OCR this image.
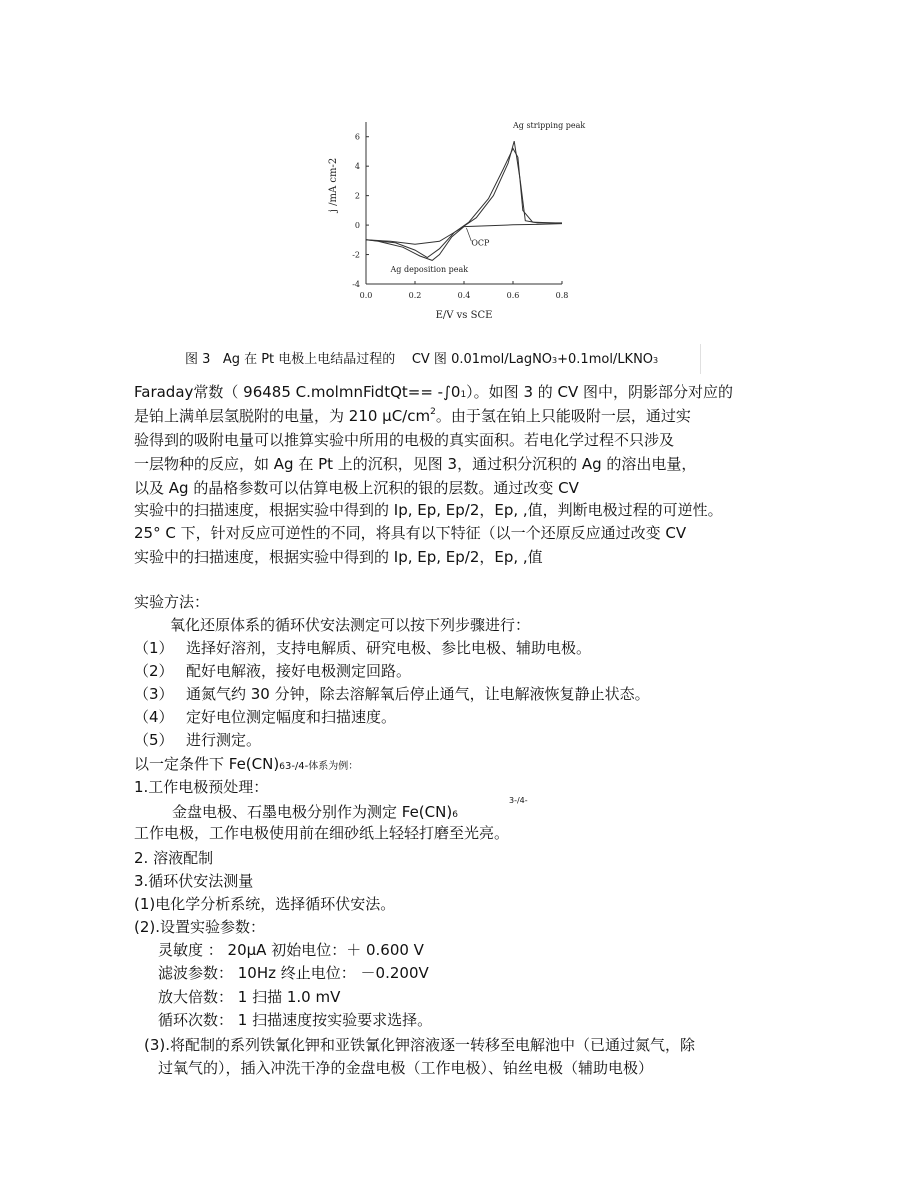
6
4
2
0
-2
-4
0.0	0.2	0.4	0.6	0.8
E/V vs SCE
j /mA cm-2
Ag stripping peak
OCP
Ag deposition peak
图 3 Ag 在 Pt 电极上电结晶过程的 CV 图 0.01mol/LagNO3+0.1mol/LKNO3
Faraday常数（ 96485 C.molmnFidtQt== -∫01）。如图 3 的 CV 图中，阴影部分对应的
是铂上满单层氢脱附的电量，为 210 $\mu C/cm^2$。由于氢在铂上只能吸附一层，通过实
验得到的吸附电量可以推算实验中所用的电极的真实面积。若电化学过程不只涉及
一层物种的反应，如 Ag 在 Pt 上的沉积，见图 3，通过积分沉积的 Ag 的溶出电量，
以及 Ag 的晶格参数可以估算电极上沉积的银的层数。通过改变 CV
实验中的扫描速度，根据实验中得到的 Ip, Ep, Ep/2，Ep, ,值，判断电极过程的可逆性。
25° C 下，针对反应可逆性的不同，将具有以下特征（以一个还原反应通过改变 CV
实验中的扫描速度，根据实验中得到的 Ip, Ep, Ep/2，Ep, ,值
实验方法：
氧化还原体系的循环伏安法测定可以按下列步骤进行：
（1） 选择好溶剂，支持电解质、研究电极、参比电极、辅助电极。
（2） 配好电解液，接好电极测定回路。
（3） 通氮气约 30 分钟，除去溶解氧后停止通气，让电解液恢复静止状态。
（4） 定好电位测定幅度和扫描速度。
（5） 进行测定。
以一定条件下 Fe(CN)63-/4-体系为例：
1.工作电极预处理：
3-/4-
金盘电极、石墨电极分别作为测定 Fe(CN)6
工作电极，工作电极使用前在细砂纸上轻轻打磨至光亮。
2. 溶液配制
3.循环伏安法测量
(1)电化学分析系统，选择循环伏安法。
(2).设置实验参数：
灵敏度 ： 20μA 初始电位：＋ 0.600 V
滤波参数： 10Hz 终止电位： －0.200V
放大倍数： 1 扫描 1.0 mV
循环次数： 1 扫描速度按实验要求选择。
(3).将配制的系列铁氰化钾和亚铁氰化钾溶液逐一转移至电解池中（已通过氮气，除
过氧气的），插入冲洗干净的金盘电极（工作电极）、铂丝电极（辅助电极）
